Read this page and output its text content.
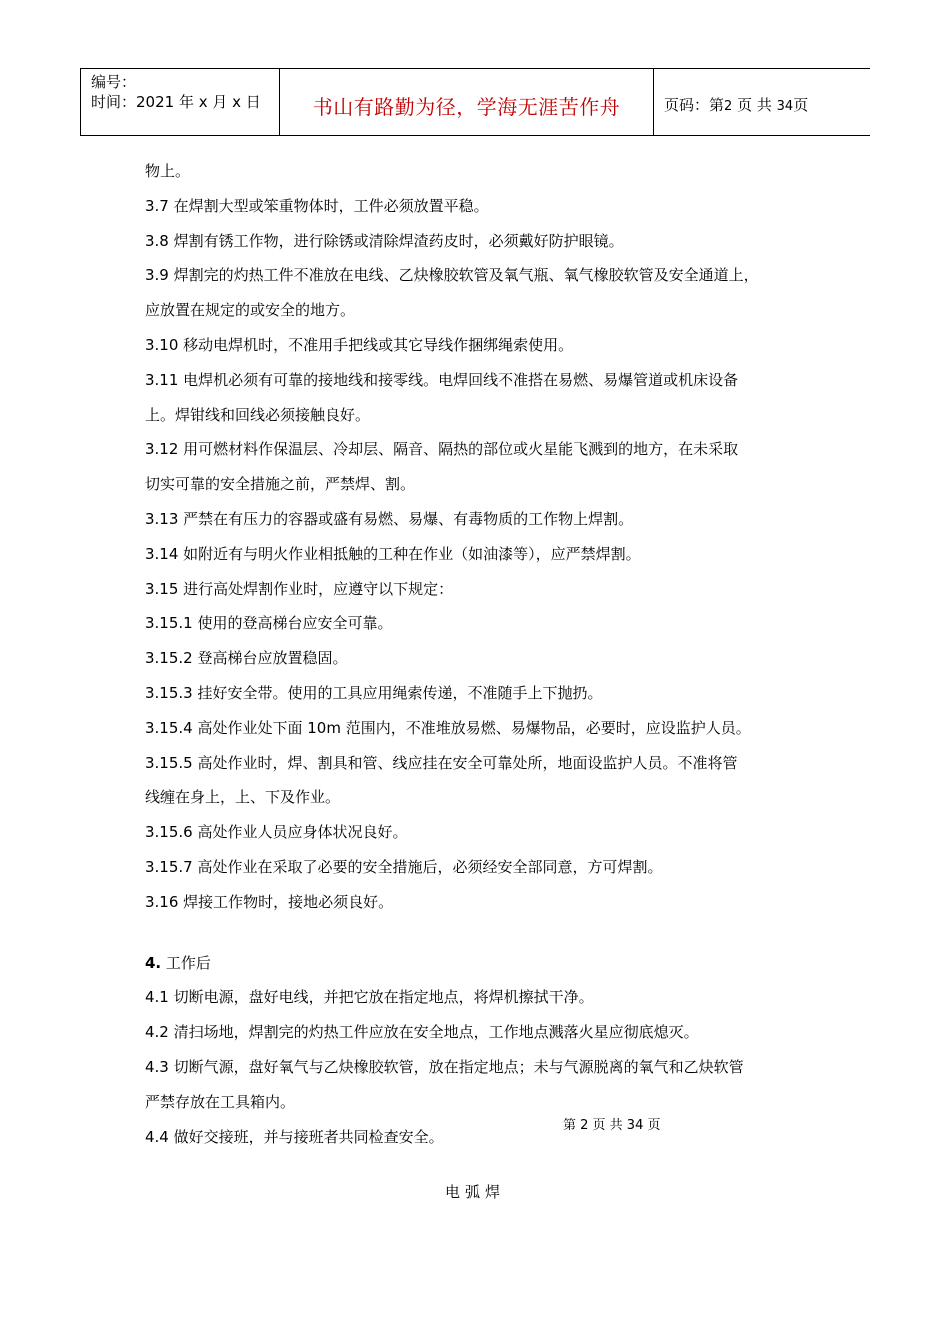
编号：
时间：2021 年 x 月 x 日	书山有路勤为径，学海无涯苦作舟	页码：第2 页 共 34页
物上。
3.7 在焊割大型或笨重物体时，工件必须放置平稳。
3.8 焊割有锈工作物，进行除锈或清除焊渣药皮时，必须戴好防护眼镜。
3.9 焊割完的灼热工件不准放在电线、乙炔橡胶软管及氧气瓶、氧气橡胶软管及安全通道上，
应放置在规定的或安全的地方。
3.10 移动电焊机时，不准用手把线或其它导线作捆绑绳索使用。
3.11 电焊机必须有可靠的接地线和接零线。电焊回线不准搭在易燃、易爆管道或机床设备
上。焊钳线和回线必须接触良好。
3.12 用可燃材料作保温层、冷却层、隔音、隔热的部位或火星能飞溅到的地方，在未采取
切实可靠的安全措施之前，严禁焊、割。
3.13 严禁在有压力的容器或盛有易燃、易爆、有毒物质的工作物上焊割。
3.14 如附近有与明火作业相抵触的工种在作业（如油漆等），应严禁焊割。
3.15 进行高处焊割作业时，应遵守以下规定：
3.15.1 使用的登高梯台应安全可靠。
3.15.2 登高梯台应放置稳固。
3.15.3 挂好安全带。使用的工具应用绳索传递，不准随手上下抛扔。
3.15.4 高处作业处下面 10m 范围内，不准堆放易燃、易爆物品，必要时，应设监护人员。
3.15.5 高处作业时，焊、割具和管、线应挂在安全可靠处所，地面设监护人员。不准将管
线缠在身上，上、下及作业。
3.15.6 高处作业人员应身体状况良好。
3.15.7 高处作业在采取了必要的安全措施后，必须经安全部同意，方可焊割。
3.16 焊接工作物时，接地必须良好。
4. 工作后
4.1 切断电源，盘好电线，并把它放在指定地点，将焊机擦拭干净。
4.2 清扫场地，焊割完的灼热工件应放在安全地点，工作地点溅落火星应彻底熄灭。
4.3 切断气源，盘好氧气与乙炔橡胶软管，放在指定地点；未与气源脱离的氧气和乙炔软管
严禁存放在工具箱内。
4.4 做好交接班，并与接班者共同检查安全。
第 2 页 共 34 页
电弧焊
